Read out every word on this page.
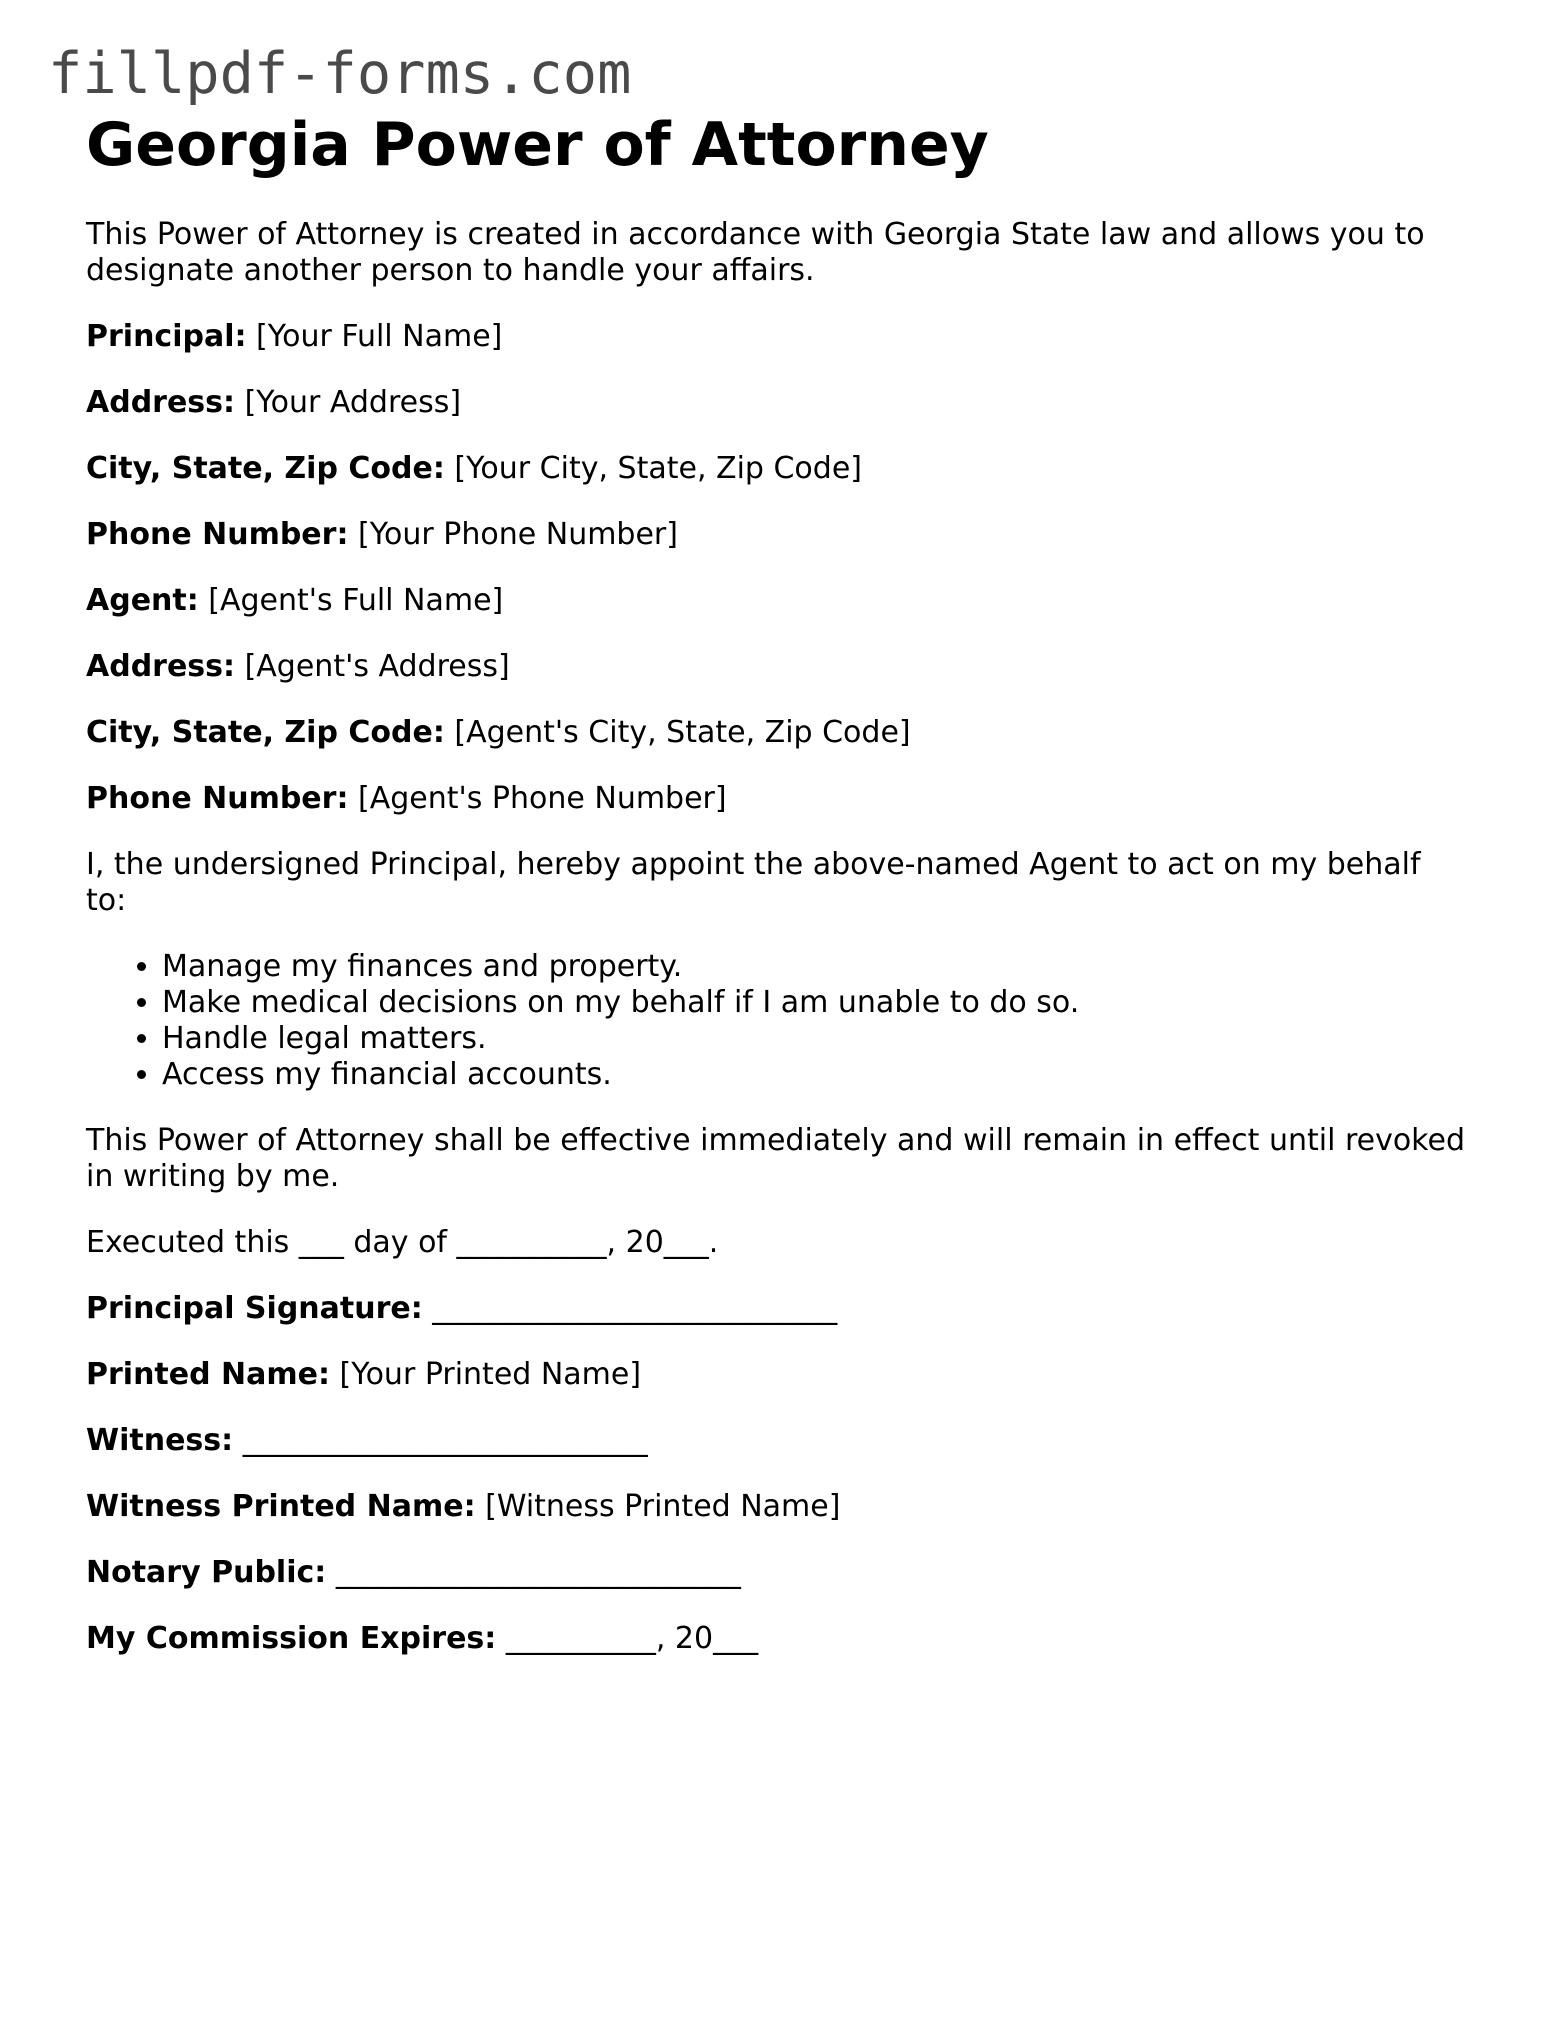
fillpdf-forms.com
Georgia Power of Attorney

This Power of Attorney is created in accordance with Georgia State law and allows you to designate another person to handle your affairs.

Principal: [Your Full Name]

Address: [Your Address]

City, State, Zip Code: [Your City, State, Zip Code]

Phone Number: [Your Phone Number]

Agent: [Agent's Full Name]

Address: [Agent's Address]

City, State, Zip Code: [Agent's City, State, Zip Code]

Phone Number: [Agent's Phone Number]

I, the undersigned Principal, hereby appoint the above-named Agent to act on my behalf to:

• Manage my finances and property.
• Make medical decisions on my behalf if I am unable to do so.
• Handle legal matters.
• Access my financial accounts.

This Power of Attorney shall be effective immediately and will remain in effect until revoked in writing by me.

Executed this ___ day of __________, 20___.

Principal Signature: ___________________________

Printed Name: [Your Printed Name]

Witness: ___________________________

Witness Printed Name: [Witness Printed Name]

Notary Public: ___________________________

My Commission Expires: __________, 20___
